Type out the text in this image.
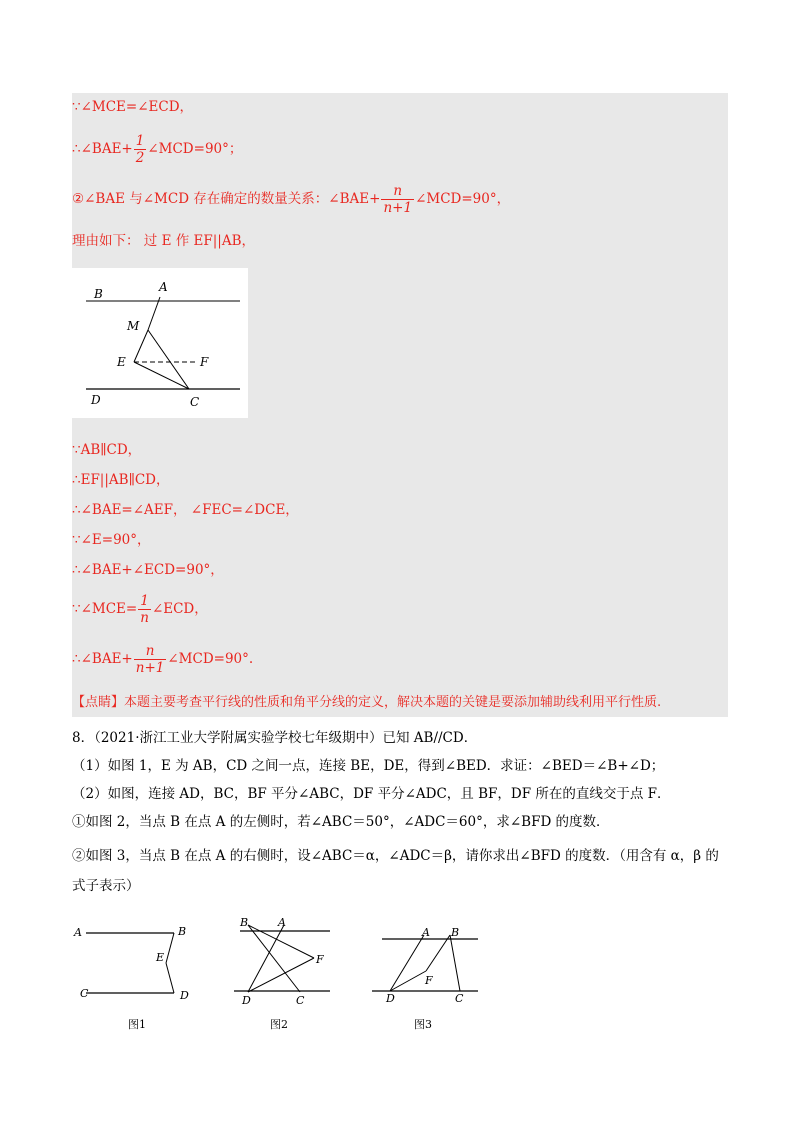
∵∠MCE=∠ECD，
∴∠BAE+ $\frac{1}{2}$ ∠MCD=90°；
②∠BAE 与∠MCD 存在确定的数量关系：∠BAE+ $\frac{n}{n+1}$ ∠MCD=90°，
理由如下： 过 E 作 EF||AB，
B	A
M
E	F
D	C
∵AB∥CD，
∴EF||AB∥CD，
∴∠BAE=∠AEF， ∠FEC=∠DCE，
∵∠E=90°，
∴∠BAE+∠ECD=90°，
∵∠MCE= $\frac{1}{n}$ ∠ECD，
∴∠BAE+ $\frac{n}{n+1}$ ∠MCD=90°.
【点睛】本题主要考查平行线的性质和角平分线的定义，解决本题的关键是要添加辅助线利用平行性质.
8．（2021·浙江工业大学附属实验学校七年级期中）已知 AB//CD．
（1）如图 1，E 为 AB，CD 之间一点，连接 BE，DE，得到∠BED．求证：∠BED＝∠B+∠D；
（2）如图，连接 AD，BC，BF 平分∠ABC，DF 平分∠ADC，且 BF，DF 所在的直线交于点 F．
①如图 2，当点 B 在点 A 的左侧时，若∠ABC＝50°，∠ADC＝60°，求∠BFD 的度数．
②如图 3，当点 B 在点 A 的右侧时，设∠ABC＝α，∠ADC＝β，请你求出∠BFD 的度数．（用含有 α，β 的
式子表示）
A	B
E
C	D
图1
B	A
F
D	C
图2
A B
F
D	C
图3
